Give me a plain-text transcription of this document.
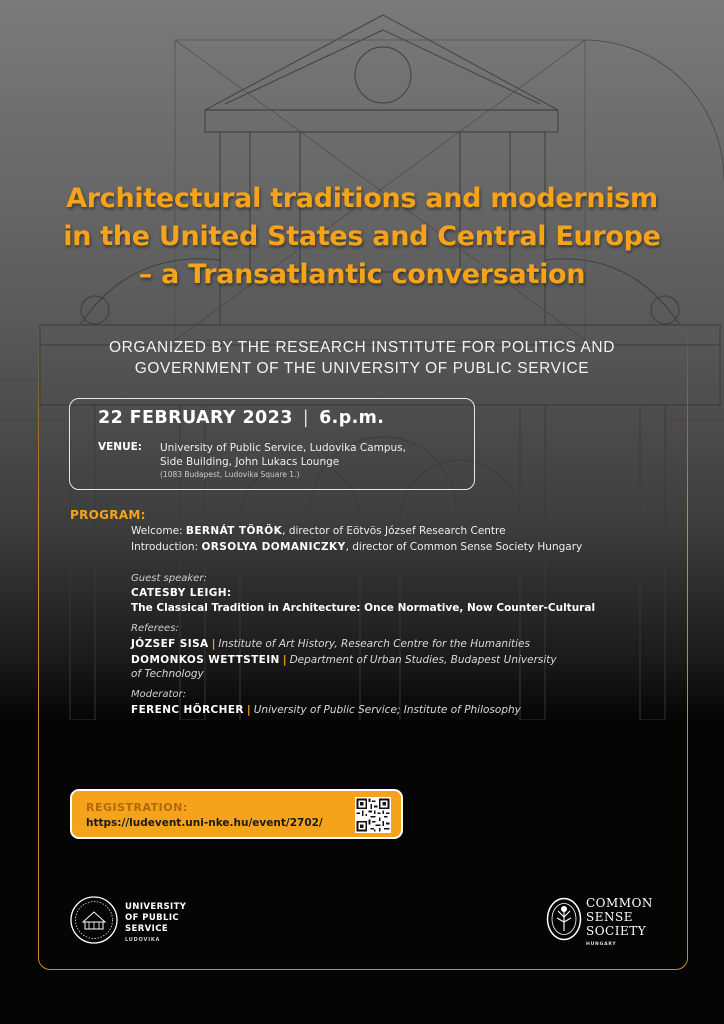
Architectural traditions and modernism
in the United States and Central Europe
– a Transatlantic conversation
ORGANIZED BY THE RESEARCH INSTITUTE FOR POLITICS AND
GOVERNMENT OF THE UNIVERSITY OF PUBLIC SERVICE
22 FEBRUARY 2023 | 6.p.m.
VENUE: University of Public Service, Ludovika Campus,
Side Building, John Lukacs Lounge
(1083 Budapest, Ludovika Square 1.)
PROGRAM:
Welcome: BERNÁT TÖRÖK, director of Eötvös József Research Centre
Introduction: ORSOLYA DOMANICZKY, director of Common Sense Society Hungary
Guest speaker:
CATESBY LEIGH:
The Classical Tradition in Architecture: Once Normative, Now Counter-Cultural
Referees:
JÓZSEF SISA | Institute of Art History, Research Centre for the Humanities
DOMONKOS WETTSTEIN | Department of Urban Studies, Budapest University
of Technology
Moderator:
FERENC HÖRCHER | University of Public Service; Institute of Philosophy
REGISTRATION:
https://ludevent.uni-nke.hu/event/2702/
UNIVERSITY
OF PUBLIC
SERVICE
LUDOVIKA
COMMON
SENSE
SOCIETY
HUNGARY
